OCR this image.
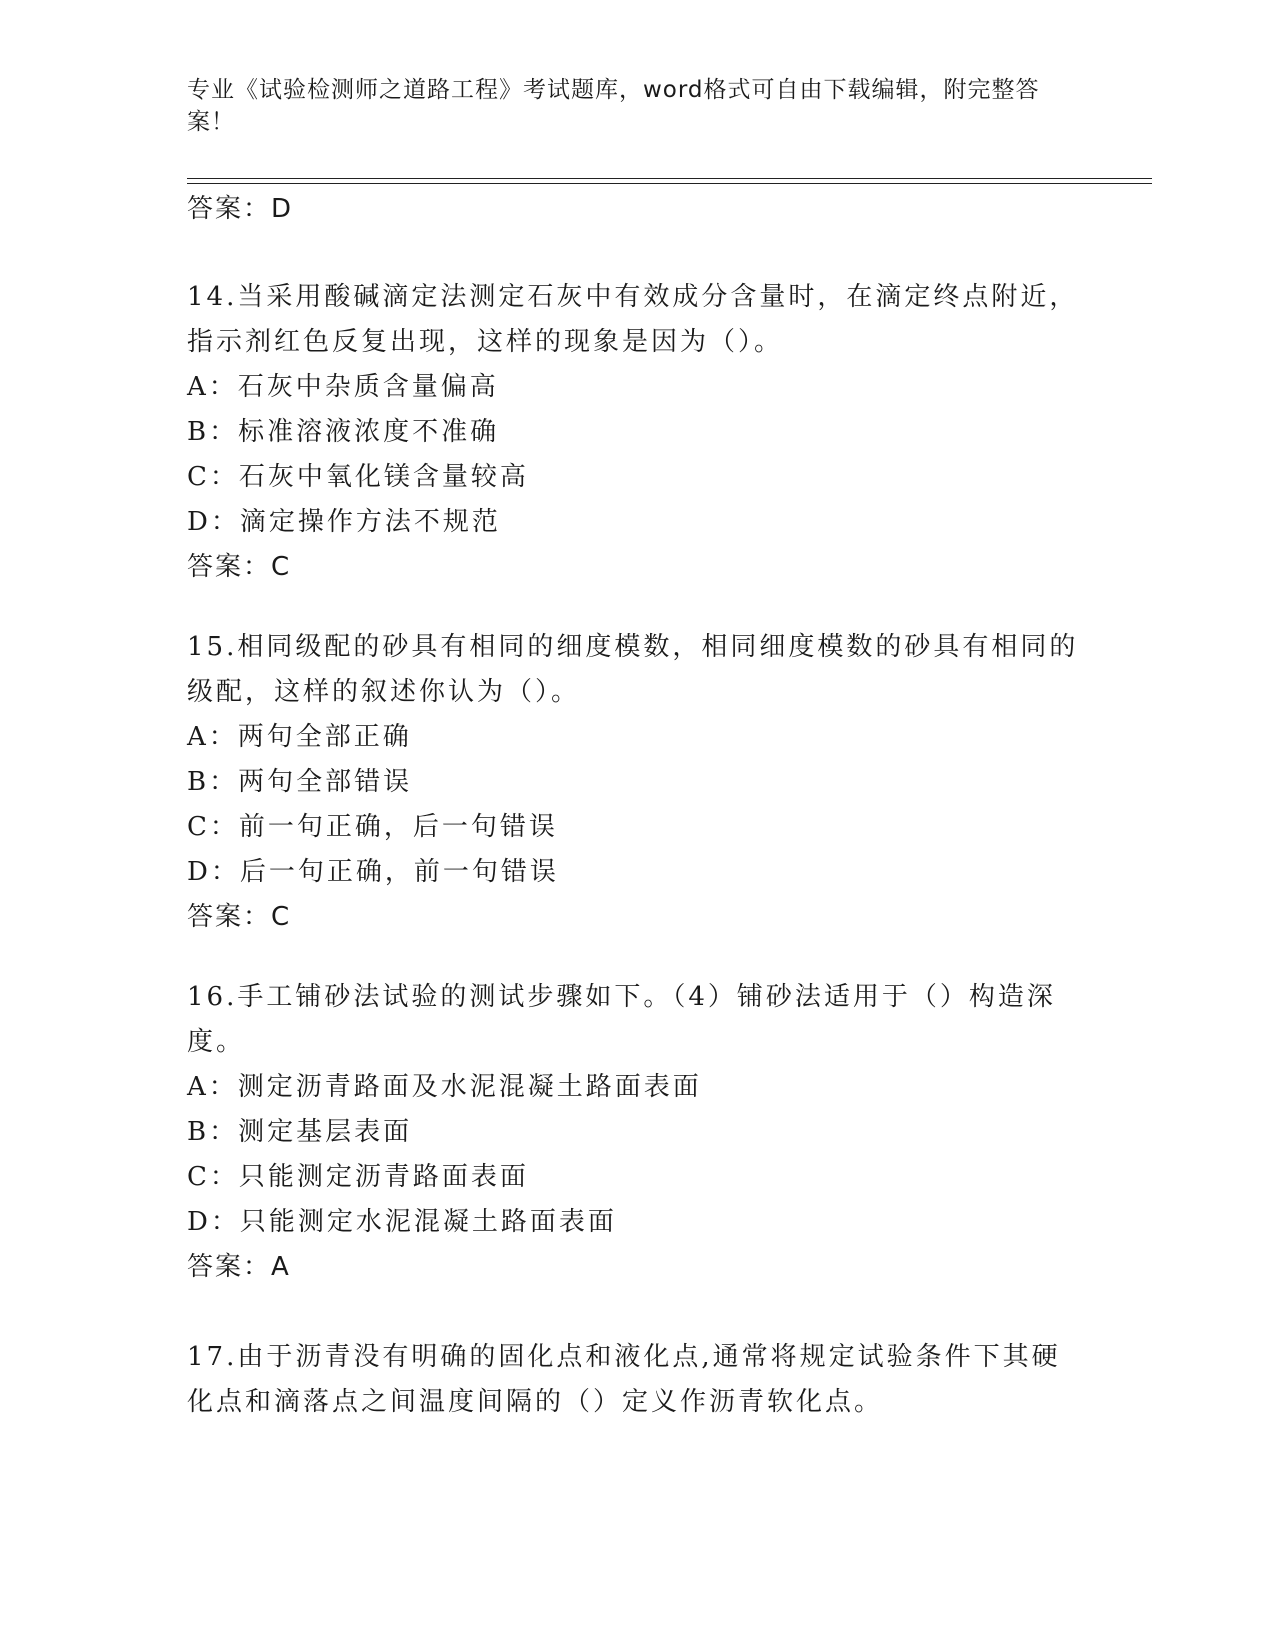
专业《试验检测师之道路工程》考试题库，word格式可自由下载编辑，附完整答
案！
答案：D
14.当采用酸碱滴定法测定石灰中有效成分含量时，在滴定终点附近，
指示剂红色反复出现，这样的现象是因为（）。
A：石灰中杂质含量偏高
B：标准溶液浓度不准确
C：石灰中氧化镁含量较高
D：滴定操作方法不规范
答案：C
15.相同级配的砂具有相同的细度模数，相同细度模数的砂具有相同的
级配，这样的叙述你认为（）。
A：两句全部正确
B：两句全部错误
C：前一句正确，后一句错误
D：后一句正确，前一句错误
答案：C
16.手工铺砂法试验的测试步骤如下。（4）铺砂法适用于（）构造深
度。
A：测定沥青路面及水泥混凝土路面表面
B：测定基层表面
C：只能测定沥青路面表面
D：只能测定水泥混凝土路面表面
答案：A
17.由于沥青没有明确的固化点和液化点,通常将规定试验条件下其硬
化点和滴落点之间温度间隔的（）定义作沥青软化点。
